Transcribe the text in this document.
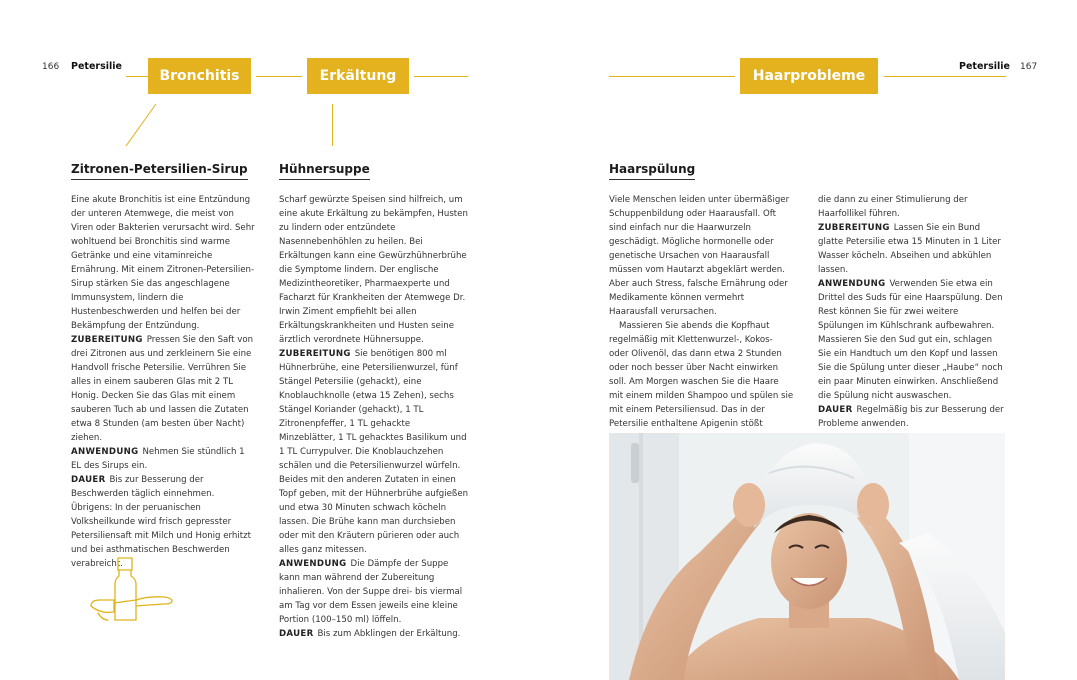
166 Petersilie
Bronchitis	Erkältung
Zitronen-Petersilien-Sirup

Eine akute Bronchitis ist eine Entzündung der unteren Atemwege, die meist von Viren oder Bakterien verursacht wird. Sehr wohltuend bei Bronchitis sind warme Getränke und eine vitaminreiche Ernährung. Mit einem Zitronen-Petersilien-Sirup stärken Sie das angeschlagene Immunsystem, lindern die Hustenbeschwerden und helfen bei der Bekämpfung der Entzündung.

ZUBEREITUNG Pressen Sie den Saft von drei Zitronen aus und zerkleinern Sie eine Handvoll frische Petersilie. Verrühren Sie alles in einem sauberen Glas mit 2 TL Honig. Decken Sie das Glas mit einem sauberen Tuch ab und lassen die Zutaten etwa 8 Stunden (am besten über Nacht) ziehen.

ANWENDUNG Nehmen Sie stündlich 1 EL des Sirups ein.

DAUER Bis zur Besserung der Beschwerden täglich einnehmen.

Übrigens: In der peruanischen Volksheilkunde wird frisch gepresster Petersiliensaft mit Milch und Honig erhitzt und bei asthmatischen Beschwerden verabreicht.

Hühnersuppe

Scharf gewürzte Speisen sind hilfreich, um eine akute Erkältung zu bekämpfen, Husten zu lindern oder entzündete Nasennebenhöhlen zu heilen. Bei Erkältungen kann eine Gewürzhühnerbrühe die Symptome lindern. Der englische Medizintheoretiker, Pharmaexperte und Facharzt für Krankheiten der Atemwege Dr. Irwin Ziment empfiehlt bei allen Erkältungskrankheiten und Husten seine ärztlich verordnete Hühnersuppe.

ZUBEREITUNG Sie benötigen 800 ml Hühnerbrühe, eine Petersilienwurzel, fünf Stängel Petersilie (gehackt), eine Knoblauchknolle (etwa 15 Zehen), sechs Stängel Koriander (gehackt), 1 TL Zitronenpfeffer, 1 TL gehackte Minzeblätter, 1 TL gehacktes Basilikum und 1 TL Currypulver. Die Knoblauchzehen schälen und die Petersilienwurzel würfeln. Beides mit den anderen Zutaten in einen Topf geben, mit der Hühnerbrühe aufgießen und etwa 30 Minuten schwach köcheln lassen. Die Brühe kann man durchsieben oder mit den Kräutern pürieren oder auch alles ganz mitessen.

ANWENDUNG Die Dämpfe der Suppe kann man während der Zubereitung inhalieren. Von der Suppe drei- bis viermal am Tag vor dem Essen jeweils eine kleine Portion (100–150 ml) löffeln.

DAUER Bis zum Abklingen der Erkältung.

Haarprobleme
Petersilie 167
Haarspülung

Viele Menschen leiden unter übermäßiger Schuppenbildung oder Haarausfall. Oft sind einfach nur die Haarwurzeln geschädigt. Mögliche hormonelle oder genetische Ursachen von Haarausfall müssen vom Hautarzt abgeklärt werden. Aber auch Stress, falsche Ernährung oder Medikamente können vermehrt Haarausfall verursachen.

Massieren Sie abends die Kopfhaut regelmäßig mit Klettenwurzel-, Kokos- oder Olivenöl, das dann etwa 2 Stunden oder noch besser über Nacht einwirken soll. Am Morgen waschen Sie die Haare mit einem milden Shampoo und spülen sie mit einem Petersiliensud. Das in der Petersilie enthaltene Apigenin stößt

die dann zu einer Stimulierung der Haarfollikel führen.

ZUBEREITUNG Lassen Sie ein Bund glatte Petersilie etwa 15 Minuten in 1 Liter Wasser köcheln. Abseihen und abkühlen lassen.

ANWENDUNG Verwenden Sie etwa ein Drittel des Suds für eine Haarspülung. Den Rest können Sie für zwei weitere Spülungen im Kühlschrank aufbewahren. Massieren Sie den Sud gut ein, schlagen Sie ein Handtuch um den Kopf und lassen Sie die Spülung unter dieser „Haube“ noch ein paar Minuten einwirken. Anschließend die Spülung nicht auswaschen.

DAUER Regelmäßig bis zur Besserung der Probleme anwenden.
